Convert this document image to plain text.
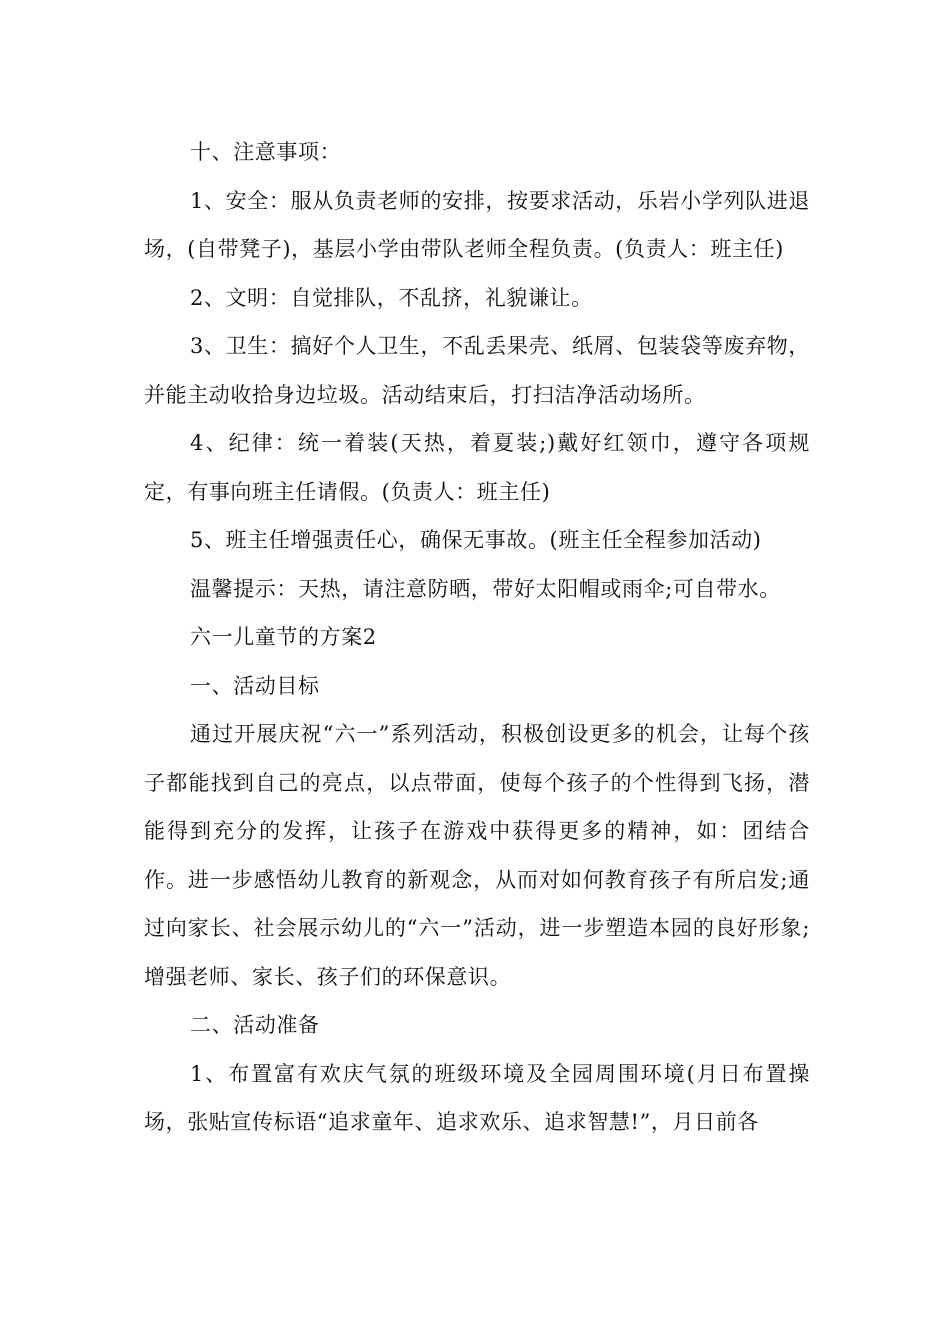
十、注意事项：

1、安全：服从负责老师的安排，按要求活动，乐岩小学列队进退场，(自带凳子)，基层小学由带队老师全程负责。(负责人：班主任)

2、文明：自觉排队，不乱挤，礼貌谦让。

3、卫生：搞好个人卫生，不乱丢果壳、纸屑、包装袋等废弃物，并能主动收拾身边垃圾。活动结束后，打扫洁净活动场所。

4、纪律：统一着装(天热，着夏装;)戴好红领巾，遵守各项规定，有事向班主任请假。(负责人：班主任)

5、班主任增强责任心，确保无事故。(班主任全程参加活动)

温馨提示：天热，请注意防晒，带好太阳帽或雨伞;可自带水。

六一儿童节的方案2

一、活动目标

通过开展庆祝“六一”系列活动，积极创设更多的机会，让每个孩子都能找到自己的亮点，以点带面，使每个孩子的个性得到飞扬，潜能得到充分的发挥，让孩子在游戏中获得更多的精神，如：团结合作。进一步感悟幼儿教育的新观念，从而对如何教育孩子有所启发;通过向家长、社会展示幼儿的“六一”活动，进一步塑造本园的良好形象;增强老师、家长、孩子们的环保意识。

二、活动准备

1、布置富有欢庆气氛的班级环境及全园周围环境(月日布置操场，张贴宣传标语“追求童年、追求欢乐、追求智慧!”，月日前各
